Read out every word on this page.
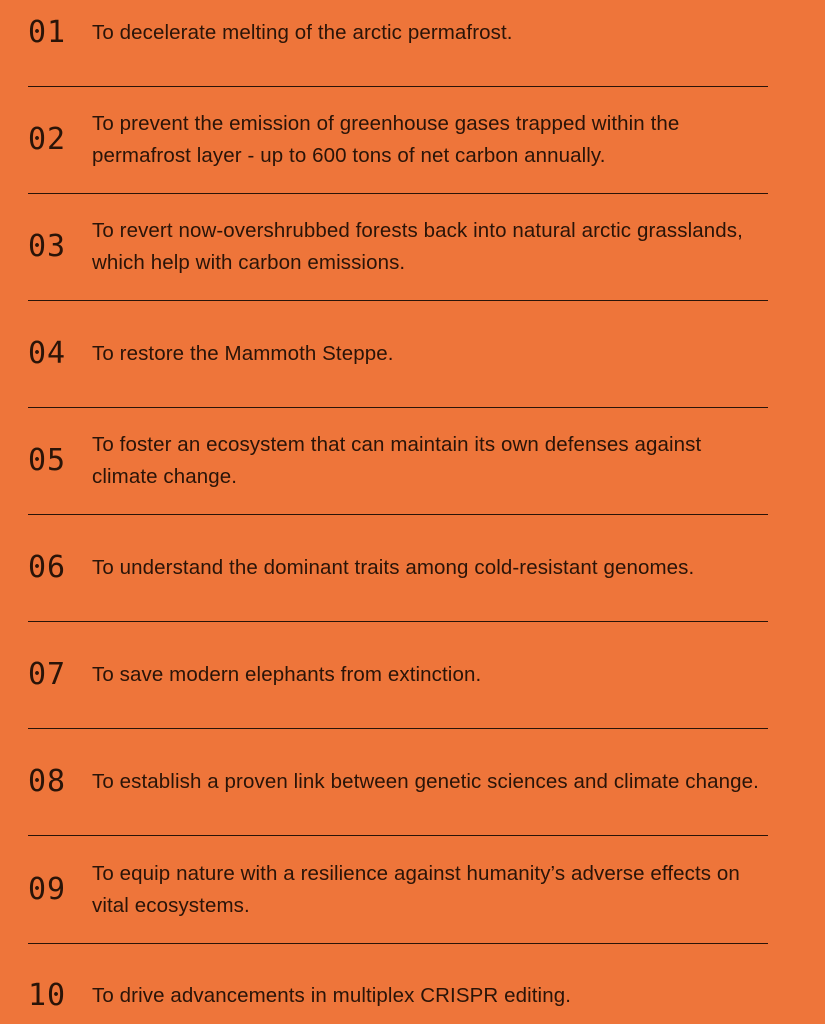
01	To decelerate melting of the arctic permafrost.
02	To prevent the emission of greenhouse gases trapped within the permafrost layer - up to 600 tons of net carbon annually.
03	To revert now-overshrubbed forests back into natural arctic grasslands, which help with carbon emissions.
04	To restore the Mammoth Steppe.
05	To foster an ecosystem that can maintain its own defenses against climate change.
06	To understand the dominant traits among cold-resistant genomes.
07	To save modern elephants from extinction.
08	To establish a proven link between genetic sciences and climate change.
09	To equip nature with a resilience against humanity’s adverse effects on vital ecosystems.
10	To drive advancements in multiplex CRISPR editing.
